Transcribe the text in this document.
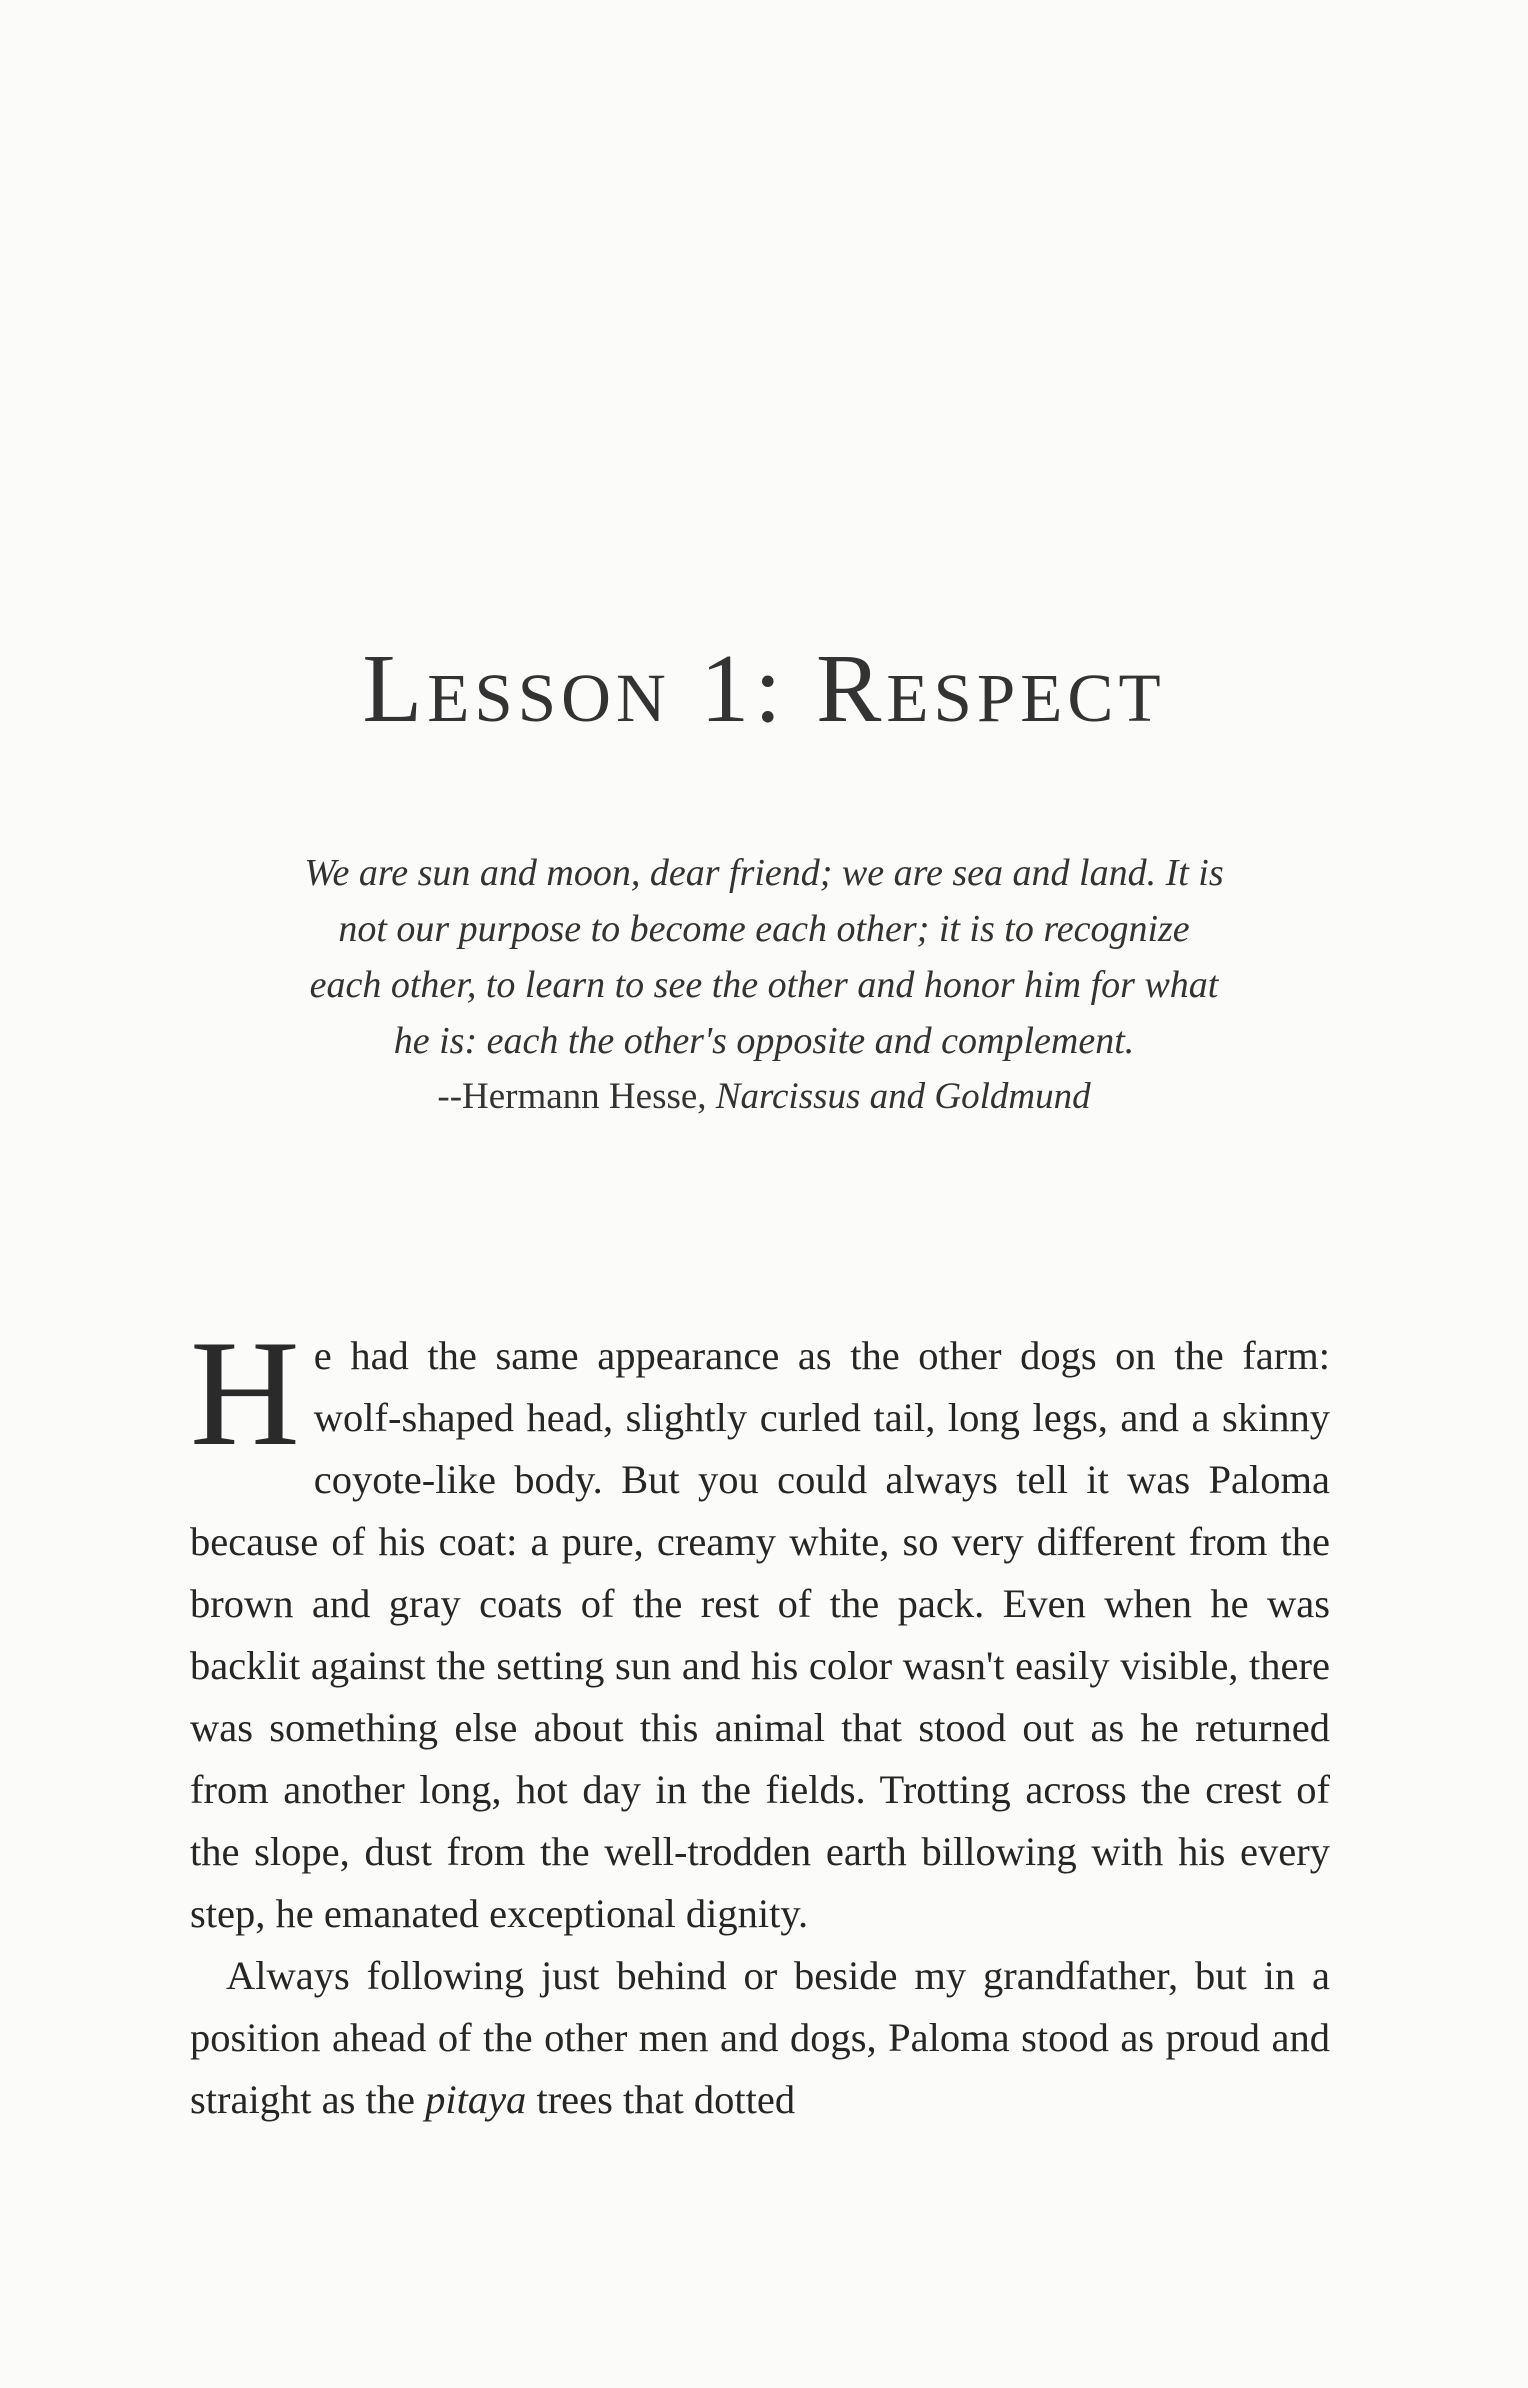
Lesson 1: Respect

We are sun and moon, dear friend; we are sea and land. It is not our purpose to become each other; it is to recognize each other, to learn to see the other and honor him for what he is: each the other's opposite and complement.

--Hermann Hesse, Narcissus and Goldmund

He had the same appearance as the other dogs on the farm: wolf-shaped head, slightly curled tail, long legs, and a skinny coyote-like body. But you could always tell it was Paloma because of his coat: a pure, creamy white, so very different from the brown and gray coats of the rest of the pack. Even when he was backlit against the setting sun and his color wasn't easily visible, there was something else about this animal that stood out as he returned from another long, hot day in the fields. Trotting across the crest of the slope, dust from the well-trodden earth billowing with his every step, he emanated exceptional dignity.

Always following just behind or beside my grandfather, but in a position ahead of the other men and dogs, Paloma stood as proud and straight as the pitaya trees that dotted
